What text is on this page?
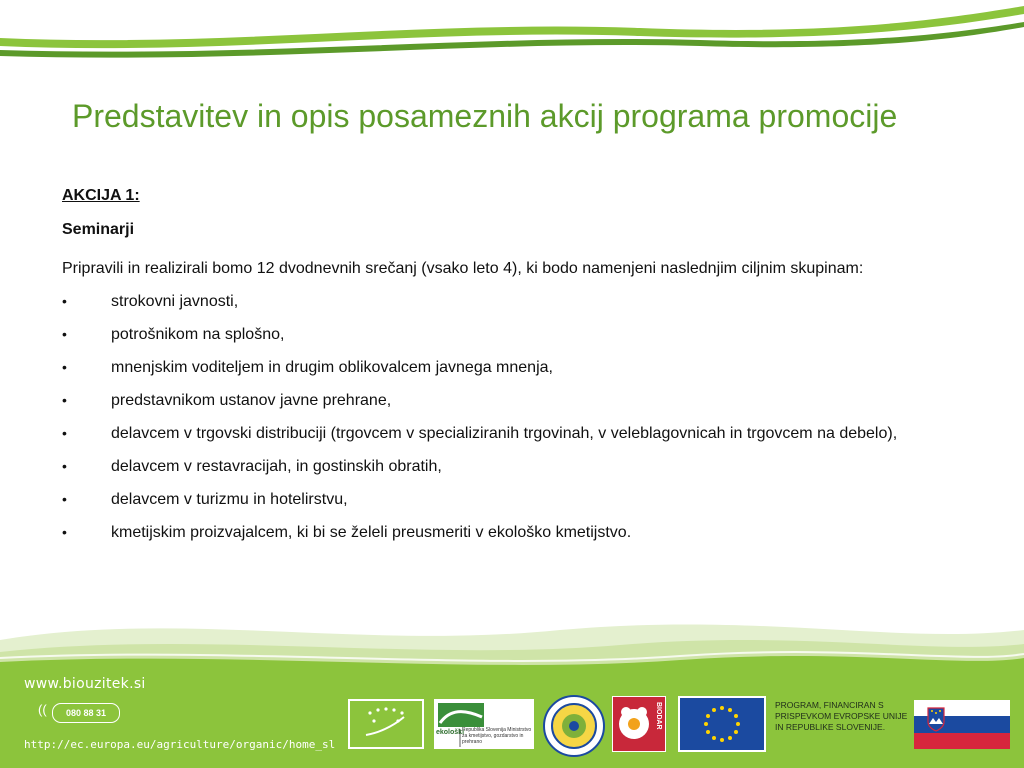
Predstavitev in opis posameznih akcij programa promocije
AKCIJA 1:
Seminarji
Pripravili in realizirali bomo 12 dvodnevnih srečanj (vsako leto 4), ki bodo namenjeni naslednjim ciljnim skupinam:
•	strokovni javnosti,
•	potrošnikom na splošno,
•	mnenjskim voditeljem in drugim oblikovalcem javnega mnenja,
•	predstavnikom ustanov javne prehrane,
•	delavcem v trgovski distribuciji (trgovcem v specializiranih trgovinah, v veleblagovnicah in trgovcem na debelo),
•	delavcem v restavracijah, in gostinskih obratih,
•	delavcem v turizmu in hotelirstvu,
•	kmetijskim proizvajalcem, ki bi se želeli preusmeriti v ekološko kmetijstvo.
www.biouzitek.si
((	080 88 31
http://ec.europa.eu/agriculture/organic/home_sl
ekološki
Republika Slovenija Ministrstvo za kmetijstvo, gozdarstvo in prehrano
BIODAR	PROGRAM, FINANCIRAN S PRISPEVKOM EVROPSKE UNIJE IN REPUBLIKE SLOVENIJE.
